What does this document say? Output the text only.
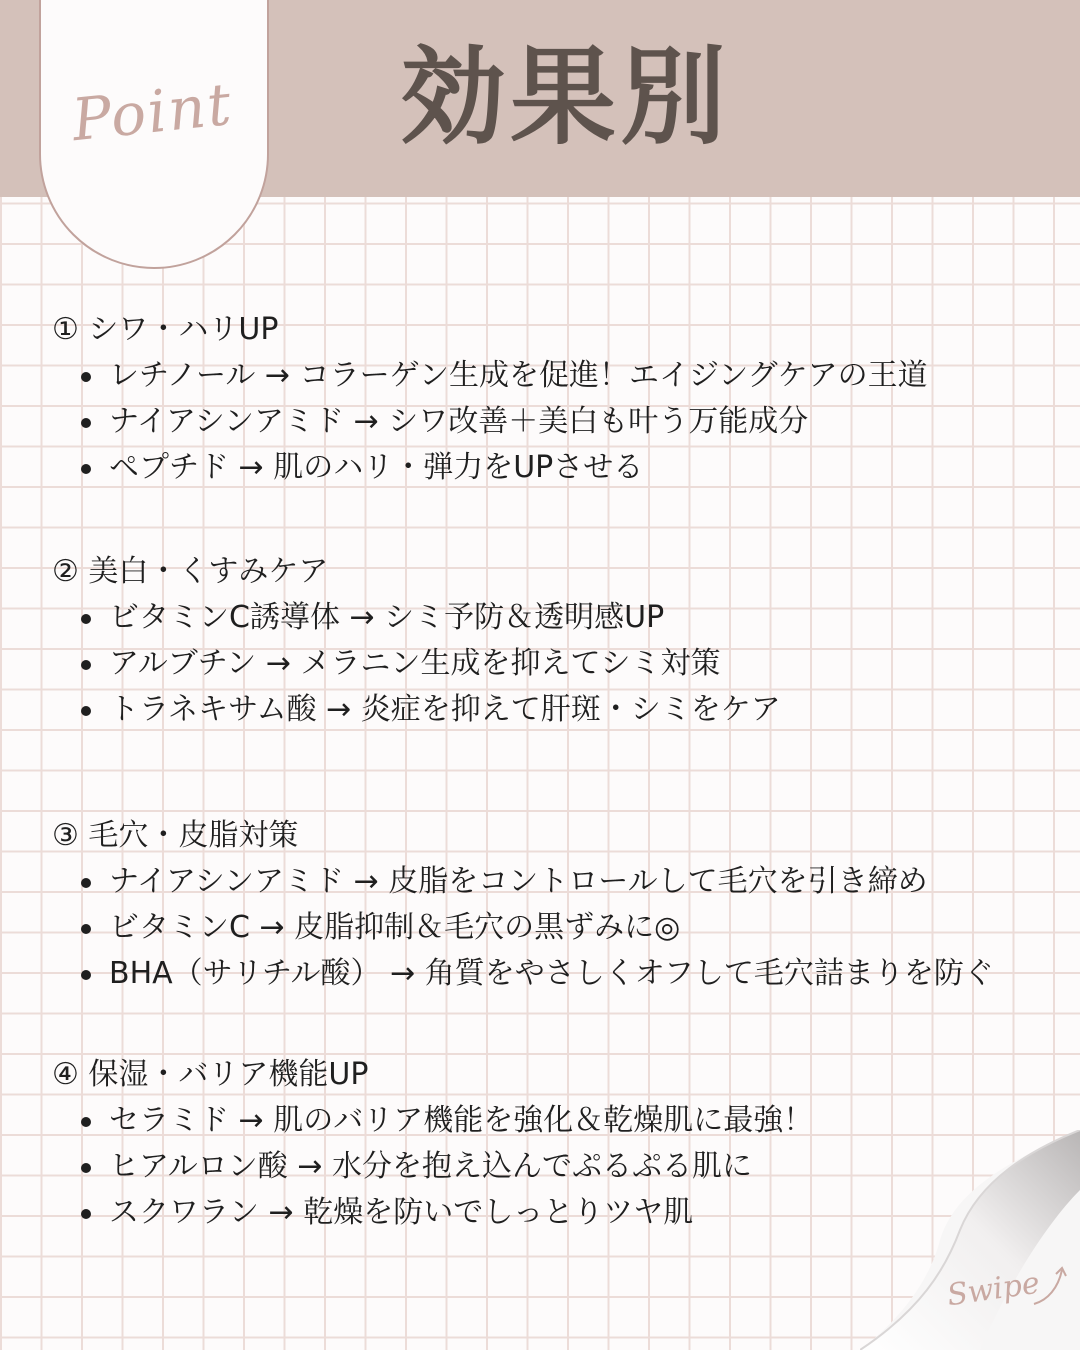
効果別
Point
① シワ・ハリUP
レチノール → コラーゲン生成を促進！エイジングケアの王道
ナイアシンアミド → シワ改善＋美白も叶う万能成分
ペプチド → 肌のハリ・弾力をUPさせる
② 美白・くすみケア
ビタミンC誘導体 → シミ予防＆透明感UP
アルブチン → メラニン生成を抑えてシミ対策
トラネキサム酸 → 炎症を抑えて肝斑・シミをケア
③ 毛穴・皮脂対策
ナイアシンアミド → 皮脂をコントロールして毛穴を引き締め
ビタミンC → 皮脂抑制＆毛穴の黒ずみに◎
BHA（サリチル酸） → 角質をやさしくオフして毛穴詰まりを防ぐ
④ 保湿・バリア機能UP
セラミド → 肌のバリア機能を強化＆乾燥肌に最強！
ヒアルロン酸 → 水分を抱え込んでぷるぷる肌に
スクワラン → 乾燥を防いでしっとりツヤ肌
Swipe
